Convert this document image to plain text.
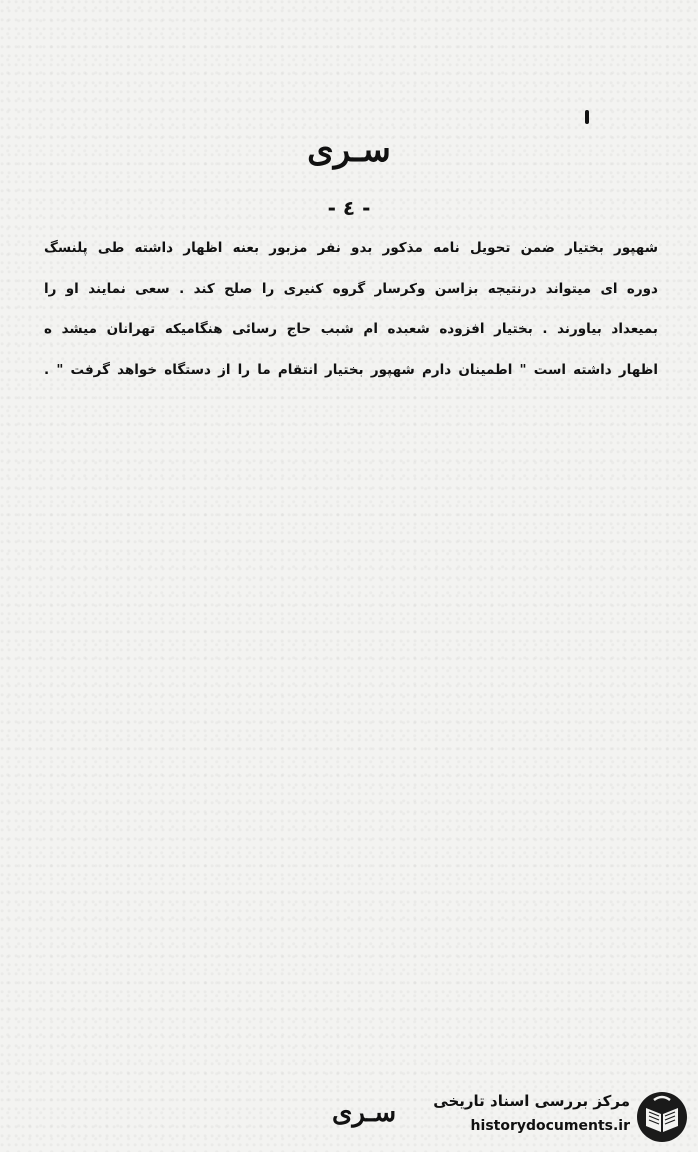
سـری
- ٤ -
شهپور بختیار ضمن تحویل نامه مذکور بدو نفر مزبور بعنه اظهار داشته طی پلنسگ
دوره ای میتواند درنتیجه بزاسن وکرسار گروه کنیری را صلح کند . سعی نمایند او را
بمیعداد بیاورند . بختیار افزوده شعبده ام شبب حاج رسائی هنگامیکه تهرانان میشد ه
اظهار داشته است " اطمینان دارم شهپور بختیار انتقام ما را از دستگاه خواهد گرفت " .
سـری مرکز بررسی اسناد تاریخی
historydocuments.ir
